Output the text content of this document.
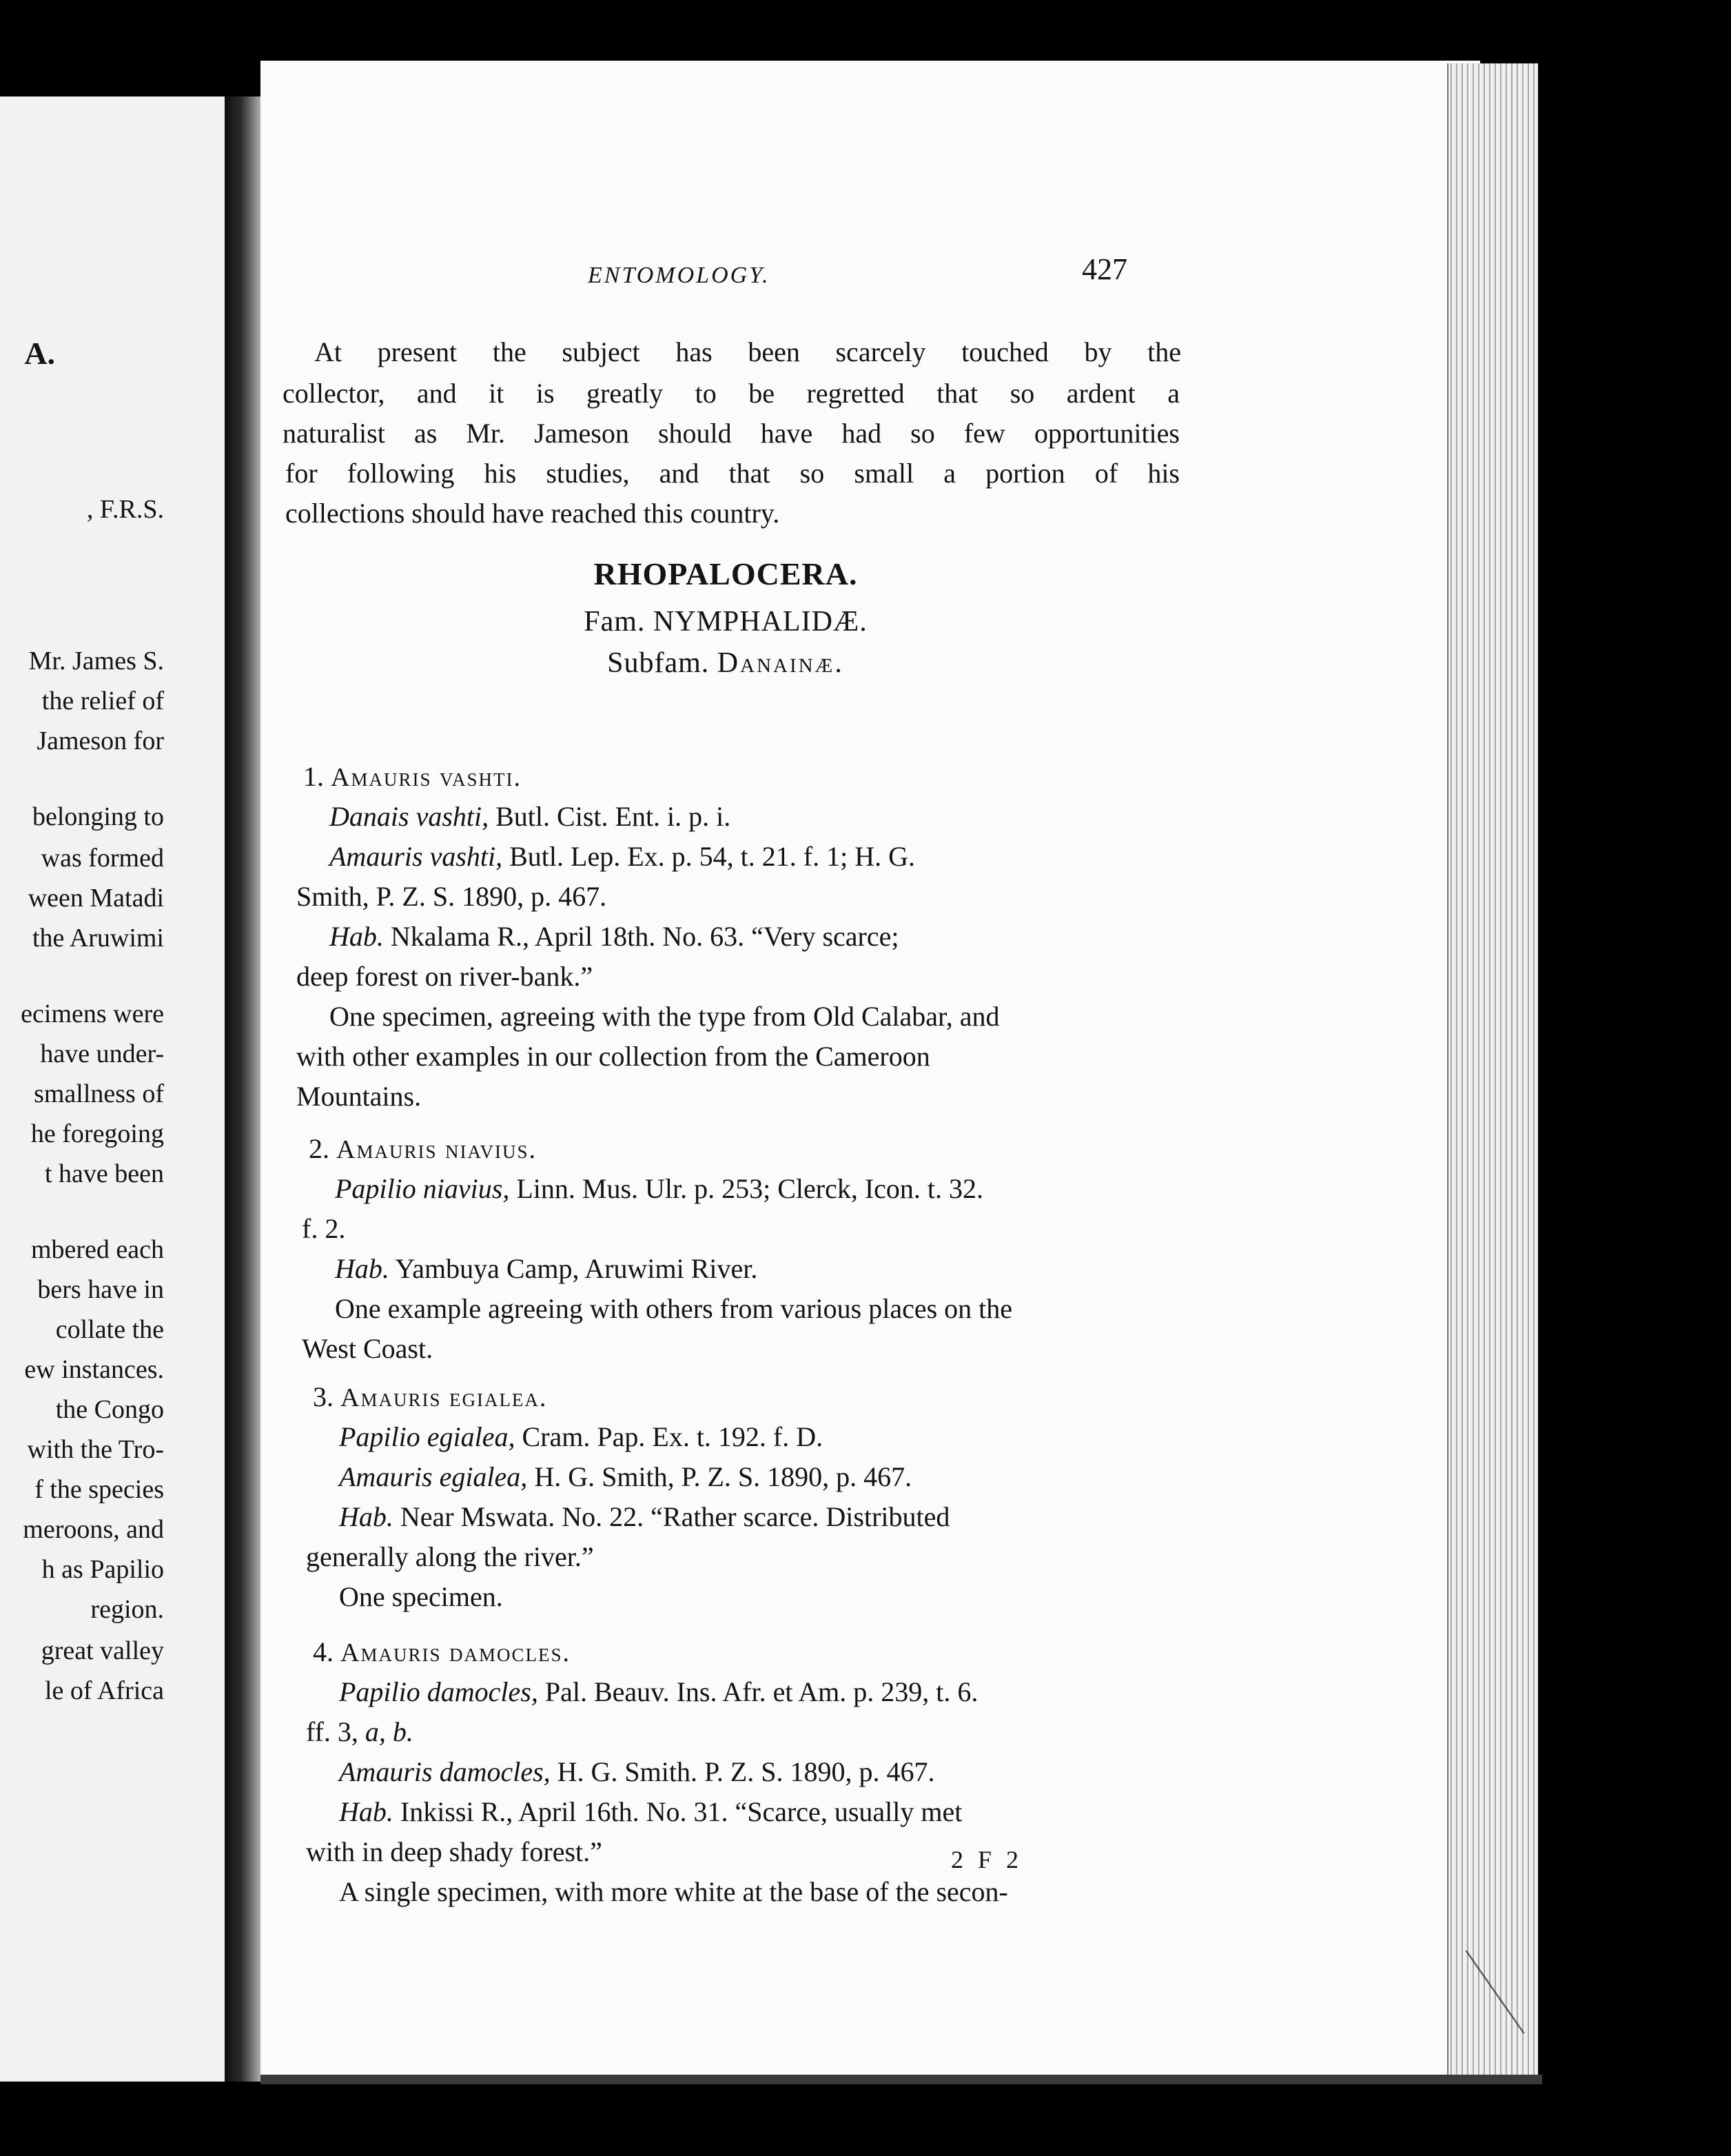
A.
, F.R.S.
Mr. James S.
the relief of
Jameson for
belonging to
was formed
ween Matadi
the Aruwimi
ecimens were
have under-
smallness of
he foregoing
t have been
mbered each
bers have in
collate the
ew instances.
the Congo
with the Tro-
f the species
meroons, and
h as Papilio
region.
great valley
le of Africa
ENTOMOLOGY.	427
At present the subject has been scarcely touched by the
collector, and it is greatly to be regretted that so ardent a
naturalist as Mr. Jameson should have had so few opportunities
for following his studies, and that so small a portion of his
collections should have reached this country.
RHOPALOCERA.
Fam. NYMPHALIDÆ.
Subfam. Danainæ.
1. Amauris vashti.
Danais vashti, Butl. Cist. Ent. i. p. i.
Amauris vashti, Butl. Lep. Ex. p. 54, t. 21. f. 1; H. G.
Smith, P. Z. S. 1890, p. 467.
Hab. Nkalama R., April 18th. No. 63. “Very scarce;
deep forest on river-bank.”
One specimen, agreeing with the type from Old Calabar, and
with other examples in our collection from the Cameroon
Mountains.
2. Amauris niavius.
Papilio niavius, Linn. Mus. Ulr. p. 253; Clerck, Icon. t. 32.
f. 2.
Hab. Yambuya Camp, Aruwimi River.
One example agreeing with others from various places on the
West Coast.
3. Amauris egialea.
Papilio egialea, Cram. Pap. Ex. t. 192. f. D.
Amauris egialea, H. G. Smith, P. Z. S. 1890, p. 467.
Hab. Near Mswata. No. 22. “Rather scarce. Distributed
generally along the river.”
One specimen.
4. Amauris damocles.
Papilio damocles, Pal. Beauv. Ins. Afr. et Am. p. 239, t. 6.
ff. 3, a, b.
Amauris damocles, H. G. Smith. P. Z. S. 1890, p. 467.
Hab. Inkissi R., April 16th. No. 31. “Scarce, usually met
with in deep shady forest.”
A single specimen, with more white at the base of the secon-
2 F 2
